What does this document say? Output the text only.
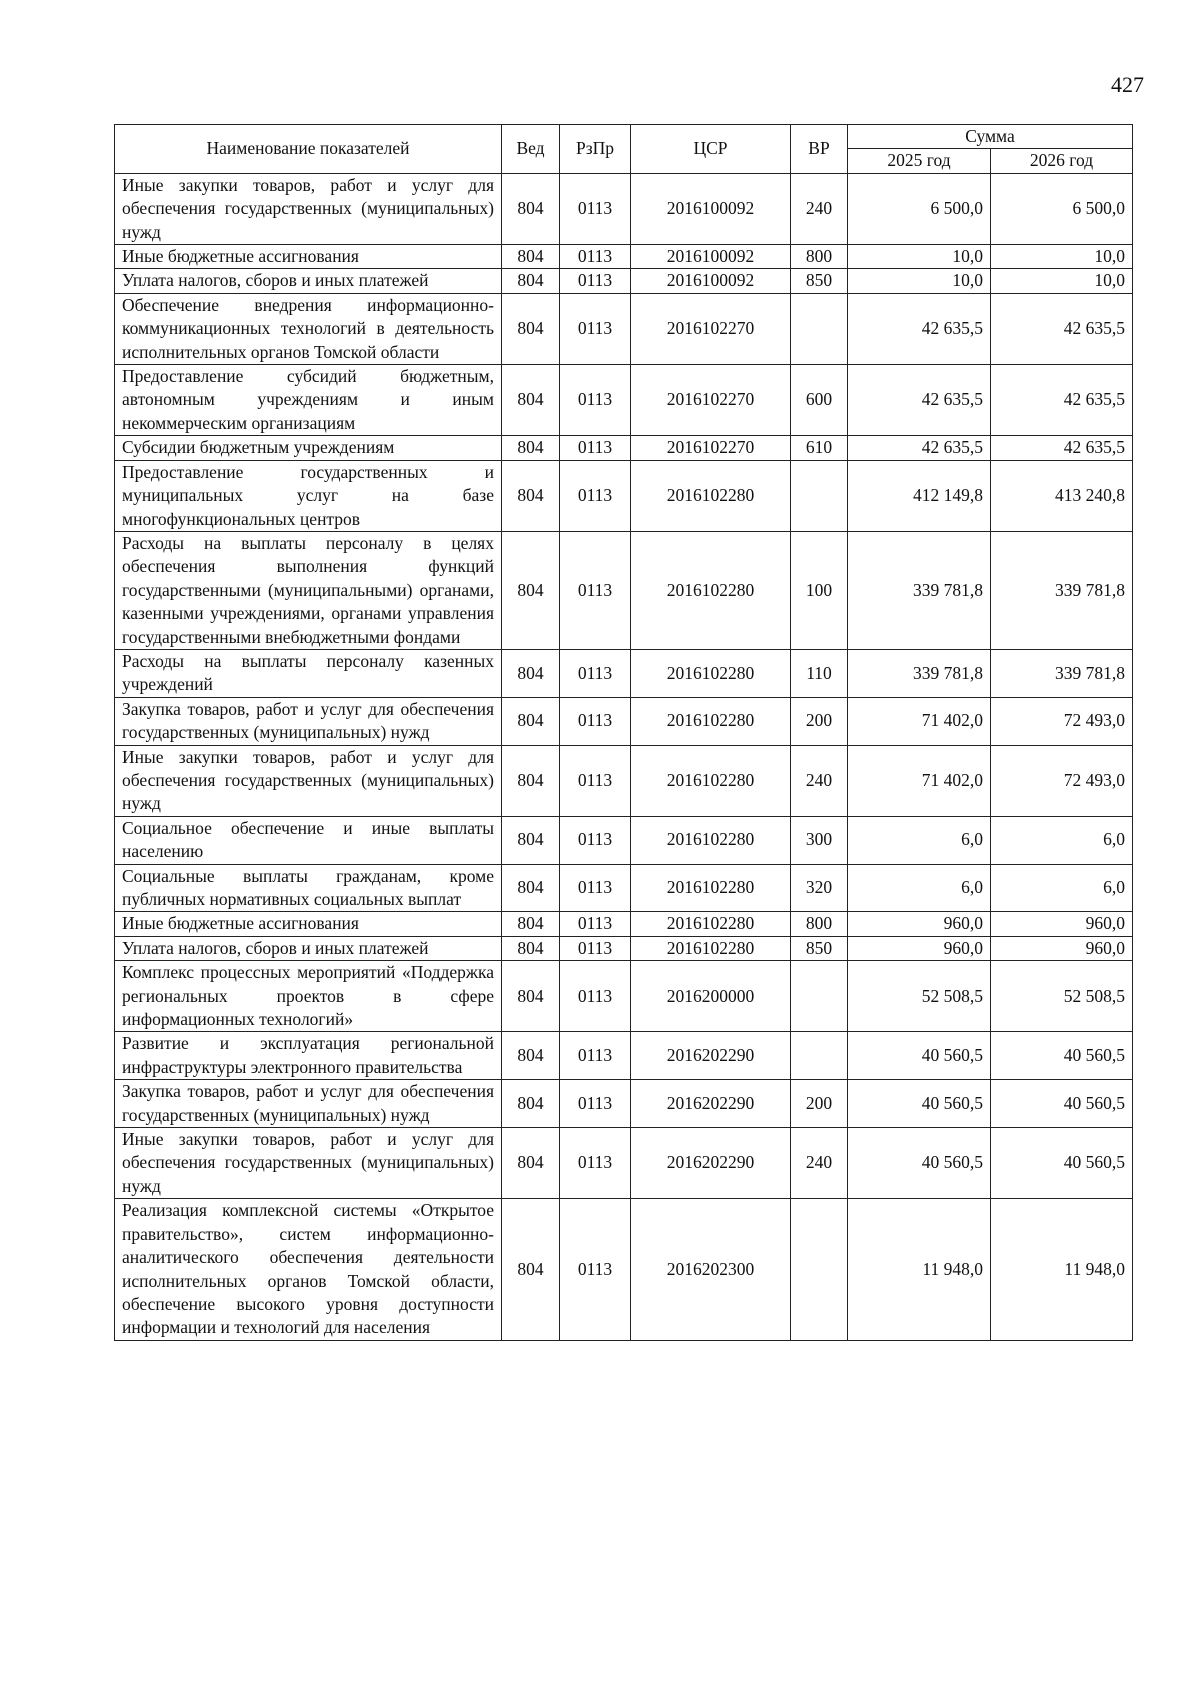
427
Наименование показателей	Вед	РзПр	ЦСР	ВР	Сумма	
					2025 год	2026 год
Иные закупки товаров, работ и услуг для обеспечения государственных (муниципальных) нужд	804	0113	2016100092	240	6 500,0	6 500,0
Иные бюджетные ассигнования	804	0113	2016100092	800	10,0	10,0
Уплата налогов, сборов и иных платежей	804	0113	2016100092	850	10,0	10,0
Обеспечение внедрения информационно-коммуникационных технологий в деятельность исполнительных органов Томской области	804	0113	2016102270		42 635,5	42 635,5
Предоставление субсидий бюджетным, автономным учреждениям и иным некоммерческим организациям	804	0113	2016102270	600	42 635,5	42 635,5
Субсидии бюджетным учреждениям	804	0113	2016102270	610	42 635,5	42 635,5
Предоставление государственных и муниципальных услуг на базе многофункциональных центров	804	0113	2016102280		412 149,8	413 240,8
Расходы на выплаты персоналу в целях обеспечения выполнения функций государственными (муниципальными) органами, казенными учреждениями, органами управления государственными внебюджетными фондами	804	0113	2016102280	100	339 781,8	339 781,8
Расходы на выплаты персоналу казенных учреждений	804	0113	2016102280	110	339 781,8	339 781,8
Закупка товаров, работ и услуг для обеспечения государственных (муниципальных) нужд	804	0113	2016102280	200	71 402,0	72 493,0
Иные закупки товаров, работ и услуг для обеспечения государственных (муниципальных) нужд	804	0113	2016102280	240	71 402,0	72 493,0
Социальное обеспечение и иные выплаты населению	804	0113	2016102280	300	6,0	6,0
Социальные выплаты гражданам, кроме публичных нормативных социальных выплат	804	0113	2016102280	320	6,0	6,0
Иные бюджетные ассигнования	804	0113	2016102280	800	960,0	960,0
Уплата налогов, сборов и иных платежей	804	0113	2016102280	850	960,0	960,0
Комплекс процессных мероприятий «Поддержка региональных проектов в сфере информационных технологий»	804	0113	2016200000		52 508,5	52 508,5
Развитие и эксплуатация региональной инфраструктуры электронного правительства	804	0113	2016202290		40 560,5	40 560,5
Закупка товаров, работ и услуг для обеспечения государственных (муниципальных) нужд	804	0113	2016202290	200	40 560,5	40 560,5
Иные закупки товаров, работ и услуг для обеспечения государственных (муниципальных) нужд	804	0113	2016202290	240	40 560,5	40 560,5
Реализация комплексной системы «Открытое правительство», систем информационно-аналитического обеспечения деятельности исполнительных органов Томской области, обеспечение высокого уровня доступности информации и технологий для населения	804	0113	2016202300		11 948,0	11 948,0
